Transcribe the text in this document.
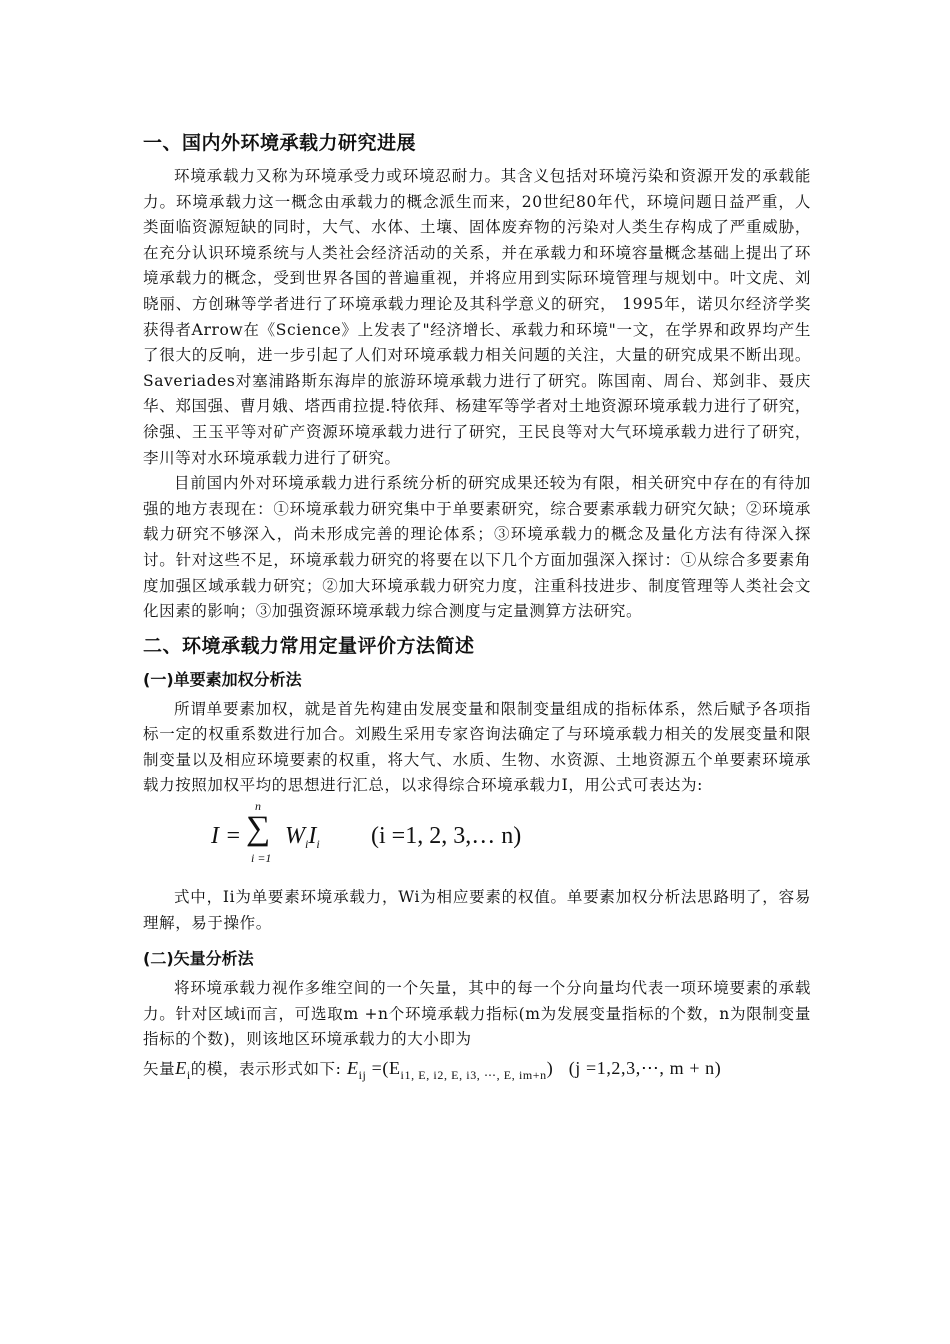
一、国内外环境承载力研究进展

环境承载力又称为环境承受力或环境忍耐力。其含义包括对环境污染和资源开发的承载能力。环境承载力这一概念由承载力的概念派生而来，20世纪80年代，环境问题日益严重，人类面临资源短缺的同时，大气、水体、土壤、固体废弃物的污染对人类生存构成了严重威胁，在充分认识环境系统与人类社会经济活动的关系，并在承载力和环境容量概念基础上提出了环境承载力的概念，受到世界各国的普遍重视，并将应用到实际环境管理与规划中。叶文虎、刘晓丽、方创琳等学者进行了环境承载力理论及其科学意义的研究， 1995年，诺贝尔经济学奖获得者Arrow在《Science》上发表了"经济增长、承载力和环境"一文，在学界和政界均产生了很大的反响，进一步引起了人们对环境承载力相关问题的关注，大量的研究成果不断出现。Saveriades对塞浦路斯东海岸的旅游环境承载力进行了研究。陈国南、周台、郑剑非、聂庆华、郑国强、曹月娥、塔西甫拉提.特依拜、杨建军等学者对土地资源环境承载力进行了研究，徐强、王玉平等对矿产资源环境承载力进行了研究，王民良等对大气环境承载力进行了研究，李川等对水环境承载力进行了研究。

目前国内外对环境承载力进行系统分析的研究成果还较为有限，相关研究中存在的有待加强的地方表现在：①环境承载力研究集中于单要素研究，综合要素承载力研究欠缺；②环境承载力研究不够深入，尚未形成完善的理论体系；③环境承载力的概念及量化方法有待深入探讨。针对这些不足，环境承载力研究的将要在以下几个方面加强深入探讨：①从综合多要素角度加强区域承载力研究；②加大环境承载力研究力度，注重科技进步、制度管理等人类社会文化因素的影响；③加强资源环境承载力综合测度与定量测算方法研究。

二、环境承载力常用定量评价方法简述
(一)单要素加权分析法

所谓单要素加权，就是首先构建由发展变量和限制变量组成的指标体系，然后赋予各项指标一定的权重系数进行加合。刘殿生采用专家咨询法确定了与环境承载力相关的发展变量和限制变量以及相应环境要素的权重，将大气、水质、生物、水资源、土地资源五个单要素环境承载力按照加权平均的思想进行汇总，以求得综合环境承载力I，用公式可表达为:

I =
n
∑
i =1
$W_iI_i$ (i =1, 2, 3,… n)

式中，Ii为单要素环境承载力，Wi为相应要素的权值。单要素加权分析法思路明了，容易理解，易于操作。

(二)矢量分析法

将环境承载力视作多维空间的一个矢量，其中的每一个分向量均代表一项环境要素的承载力。针对区域i而言，可选取m +n个环境承载力指标(m为发展变量指标的个数，n为限制变量指标的个数)，则该地区环境承载力的大小即为

矢量$E_i$的模，表示形式如下: $E_{ij} =(E_{i1, E, i2, E, i3, \cdots, E, im+n})$   (j =1,2,3,⋯, m + n)
